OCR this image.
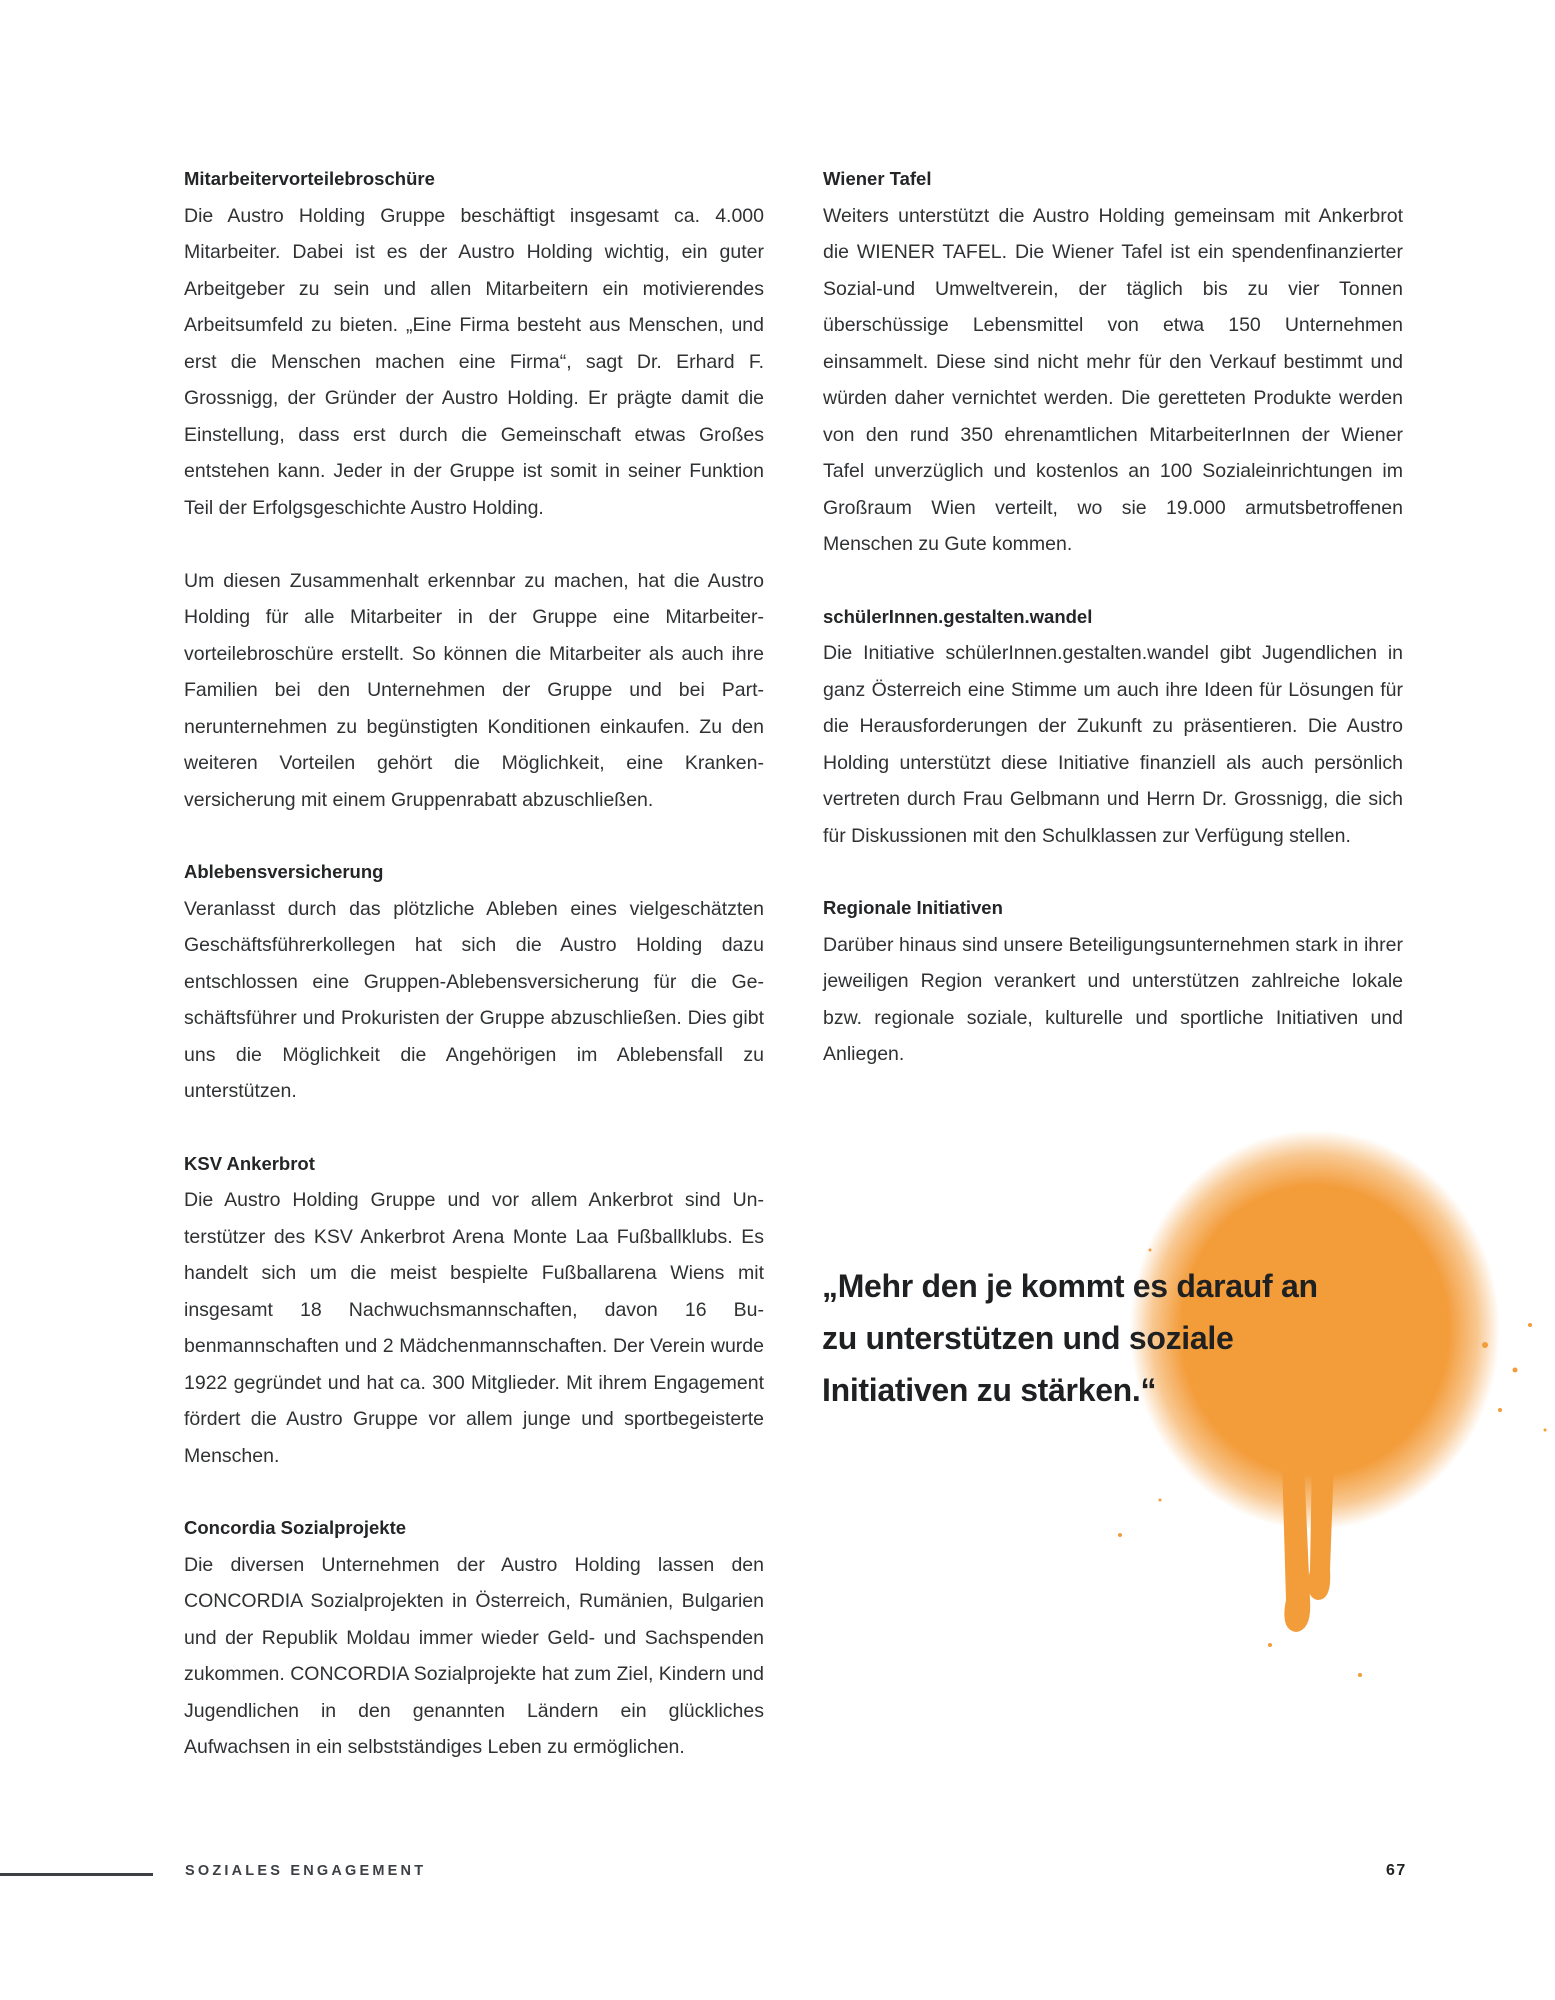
Mitarbeitervorteilebroschüre

Die Austro Holding Gruppe beschäftigt insgesamt ca. 4.000 Mitarbeiter. Dabei ist es der Austro Holding wichtig, ein guter Arbeitgeber zu sein und allen Mitarbeitern ein motivierendes Arbeitsumfeld zu bieten. „Eine Firma besteht aus Menschen, und erst die Menschen machen eine Firma“, sagt Dr. Erhard F. Grossnigg, der Gründer der Austro Holding. Er prägte damit die Einstellung, dass erst durch die Gemeinschaft etwas Großes entstehen kann. Jeder in der Gruppe ist somit in seiner Funktion Teil der Erfolgsgeschichte Austro Holding.

Um diesen Zusammenhalt erkennbar zu machen, hat die Austro Holding für alle Mitarbeiter in der Gruppe eine Mitarbeitervorteilebroschüre erstellt. So können die Mitarbeiter als auch ihre Familien bei den Unternehmen der Gruppe und bei Partnerunternehmen zu begünstigten Konditionen einkaufen. Zu den weiteren Vorteilen gehört die Möglichkeit, eine Krankenversicherung mit einem Gruppenrabatt abzuschließen.

Ablebensversicherung

Veranlasst durch das plötzliche Ableben eines vielgeschätzten Geschäftsführerkollegen hat sich die Austro Holding dazu entschlossen eine Gruppen-Ablebensversicherung für die Geschäftsführer und Prokuristen der Gruppe abzuschließen. Dies gibt uns die Möglichkeit die Angehörigen im Ablebensfall zu unterstützen.

KSV Ankerbrot

Die Austro Holding Gruppe und vor allem Ankerbrot sind Unterstützer des KSV Ankerbrot Arena Monte Laa Fußballklubs. Es handelt sich um die meist bespielte Fußballarena Wiens mit insgesamt 18 Nachwuchsmannschaften, davon 16 Bubenmannschaften und 2 Mädchenmannschaften. Der Verein wurde 1922 gegründet und hat ca. 300 Mitglieder. Mit ihrem Engagement fördert die Austro Gruppe vor allem junge und sportbegeisterte Menschen.

Concordia Sozialprojekte

Die diversen Unternehmen der Austro Holding lassen den CONCORDIA Sozialprojekten in Österreich, Rumänien, Bulgarien und der Republik Moldau immer wieder Geld- und Sachspenden zukommen. CONCORDIA Sozialprojekte hat zum Ziel, Kindern und Jugendlichen in den genannten Ländern ein glückliches Aufwachsen in ein selbstständiges Leben zu ermöglichen.

Wiener Tafel

Weiters unterstützt die Austro Holding gemeinsam mit Ankerbrot die WIENER TAFEL. Die Wiener Tafel ist ein spendenfinanzierter Sozial-und Umweltverein, der täglich bis zu vier Tonnen überschüssige Lebensmittel von etwa 150 Unternehmen einsammelt. Diese sind nicht mehr für den Verkauf bestimmt und würden daher vernichtet werden. Die geretteten Produkte werden von den rund 350 ehrenamtlichen MitarbeiterInnen der Wiener Tafel unverzüglich und kostenlos an 100 Sozialeinrichtungen im Großraum Wien verteilt, wo sie 19.000 armutsbetroffenen Menschen zu Gute kommen.

schülerInnen.gestalten.wandel

Die Initiative schülerInnen.gestalten.wandel gibt Jugendlichen in ganz Österreich eine Stimme um auch ihre Ideen für Lösungen für die Herausforderungen der Zukunft zu präsentieren. Die Austro Holding unterstützt diese Initiative finanziell als auch persönlich vertreten durch Frau Gelbmann und Herrn Dr. Grossnigg, die sich für Diskussionen mit den Schulklassen zur Verfügung stellen.

Regionale Initiativen

Darüber hinaus sind unsere Beteiligungsunternehmen stark in ihrer jeweiligen Region verankert und unterstützen zahlreiche lokale bzw. regionale soziale, kulturelle und sportliche Initiativen und Anliegen.

„Mehr den je kommt es darauf an
zu unterstützen und soziale
Initiativen zu stärken.“
SOZIALES ENGAGEMENT	67
